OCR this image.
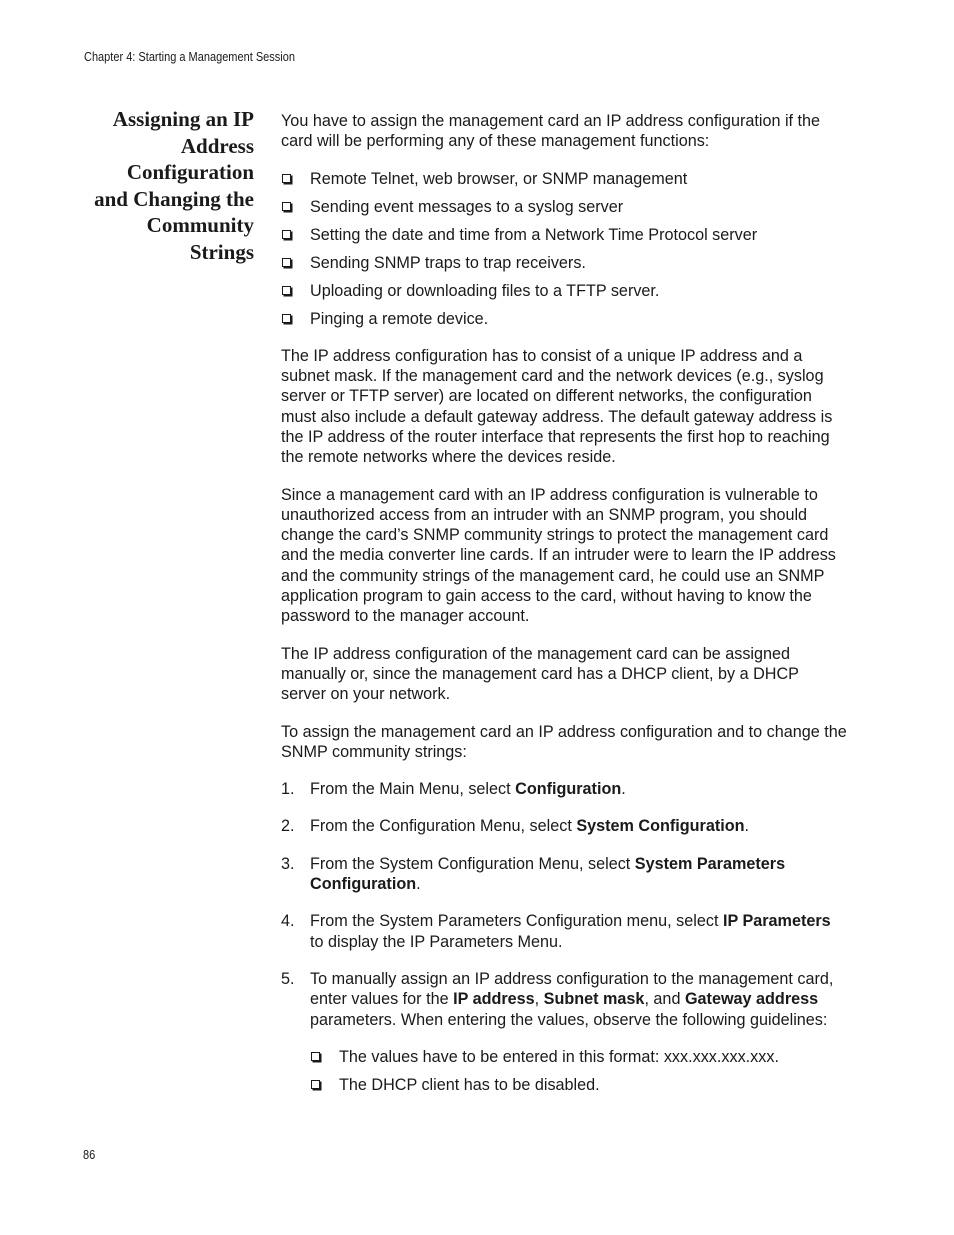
Chapter 4: Starting a Management Session
Assigning an IP
Address
Configuration
and Changing the
Community
Strings

You have to assign the management card an IP address configuration if the card will be performing any of these management functions:

Remote Telnet, web browser, or SNMP management
Sending event messages to a syslog server
Setting the date and time from a Network Time Protocol server
Sending SNMP traps to trap receivers.
Uploading or downloading files to a TFTP server.
Pinging a remote device.

The IP address configuration has to consist of a unique IP address and a subnet mask. If the management card and the network devices (e.g., syslog server or TFTP server) are located on different networks, the configuration must also include a default gateway address. The default gateway address is the IP address of the router interface that represents the first hop to reaching the remote networks where the devices reside.

Since a management card with an IP address configuration is vulnerable to unauthorized access from an intruder with an SNMP program, you should change the card’s SNMP community strings to protect the management card and the media converter line cards. If an intruder were to learn the IP address and the community strings of the management card, he could use an SNMP application program to gain access to the card, without having to know the password to the manager account.

The IP address configuration of the management card can be assigned manually or, since the management card has a DHCP client, by a DHCP server on your network.

To assign the management card an IP address configuration and to change the SNMP community strings:

1. From the Main Menu, select Configuration.
2. From the Configuration Menu, select System Configuration.
3. From the System Configuration Menu, select System Parameters Configuration.
4. From the System Parameters Configuration menu, select IP Parameters to display the IP Parameters Menu.
5. To manually assign an IP address configuration to the management card, enter values for the IP address, Subnet mask, and Gateway address parameters. When entering the values, observe the following guidelines:
The values have to be entered in this format: xxx.xxx.xxx.xxx.
The DHCP client has to be disabled.
86
